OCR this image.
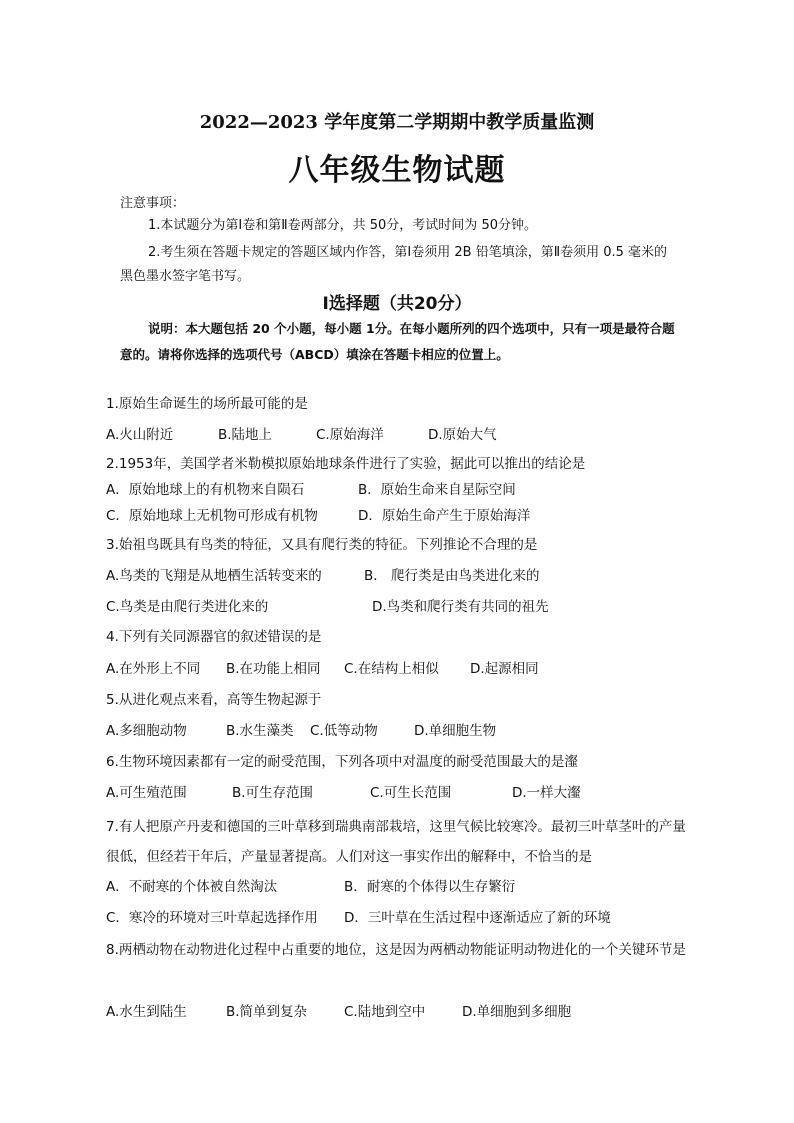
2022—2023 学年度第二学期期中教学质量监测
八年级生物试题
注意事项：
1.本试题分为第Ⅰ卷和第Ⅱ卷两部分，共 50分，考试时间为 50分钟。
2.考生须在答题卡规定的答题区域内作答，第Ⅰ卷须用 2B 铅笔填涂，第Ⅱ卷须用 0.5 毫米的黑色墨水签字笔书写。
Ⅰ选择题（共20分）
说明：本大题包括 20 个小题，每小题 1分。在每小题所列的四个选项中，只有一项是最符合题意的。请将你选择的选项代号（ABCD）填涂在答题卡相应的位置上。
1.原始生命诞生的场所最可能的是
A.火山附近	B.陆地上	C.原始海洋	D.原始大气
2.1953年，美国学者米勒模拟原始地球条件进行了实验，据此可以推出的结论是
A．原始地球上的有机物来自陨石	B．原始生命来自星际空间
C．原始地球上无机物可形成有机物	D．原始生命产生于原始海洋
3.始祖鸟既具有鸟类的特征，又具有爬行类的特征。下列推论不合理的是
A.鸟类的飞翔是从地栖生活转变来的	B． 爬行类是由鸟类进化来的
C.鸟类是由爬行类进化来的	D.鸟类和爬行类有共同的祖先
4.下列有关同源器官的叙述错误的是
A.在外形上不同 B.在功能上相同 C.在结构上相似 D.起源相同
5.从进化观点来看，高等生物起源于
A.多细胞动物	B.水生藻类 C.低等动物	D.单细胞生物
6.生物环境因素都有一定的耐受范围，下列各项中对温度的耐受范围最大的是瀣
A.可生殖范围	B.可生存范围	C.可生长范围	D.一样大瀣
7.有人把原产丹麦和德国的三叶草移到瑞典南部栽培，这里气候比较寒冷。最初三叶草茎叶的产量很低，但经若干年后，产量显著提高。人们对这一事实作出的解释中，不恰当的是
A．不耐寒的个体被自然淘汰	B．耐寒的个体得以生存繁衍
C．寒冷的环境对三叶草起选择作用 D．三叶草在生活过程中逐渐适应了新的环境
8.两栖动物在动物进化过程中占重要的地位，这是因为两栖动物能证明动物进化的一个关键环节是
A.水生到陆生	B.简单到复杂	C.陆地到空中	D.单细胞到多细胞
